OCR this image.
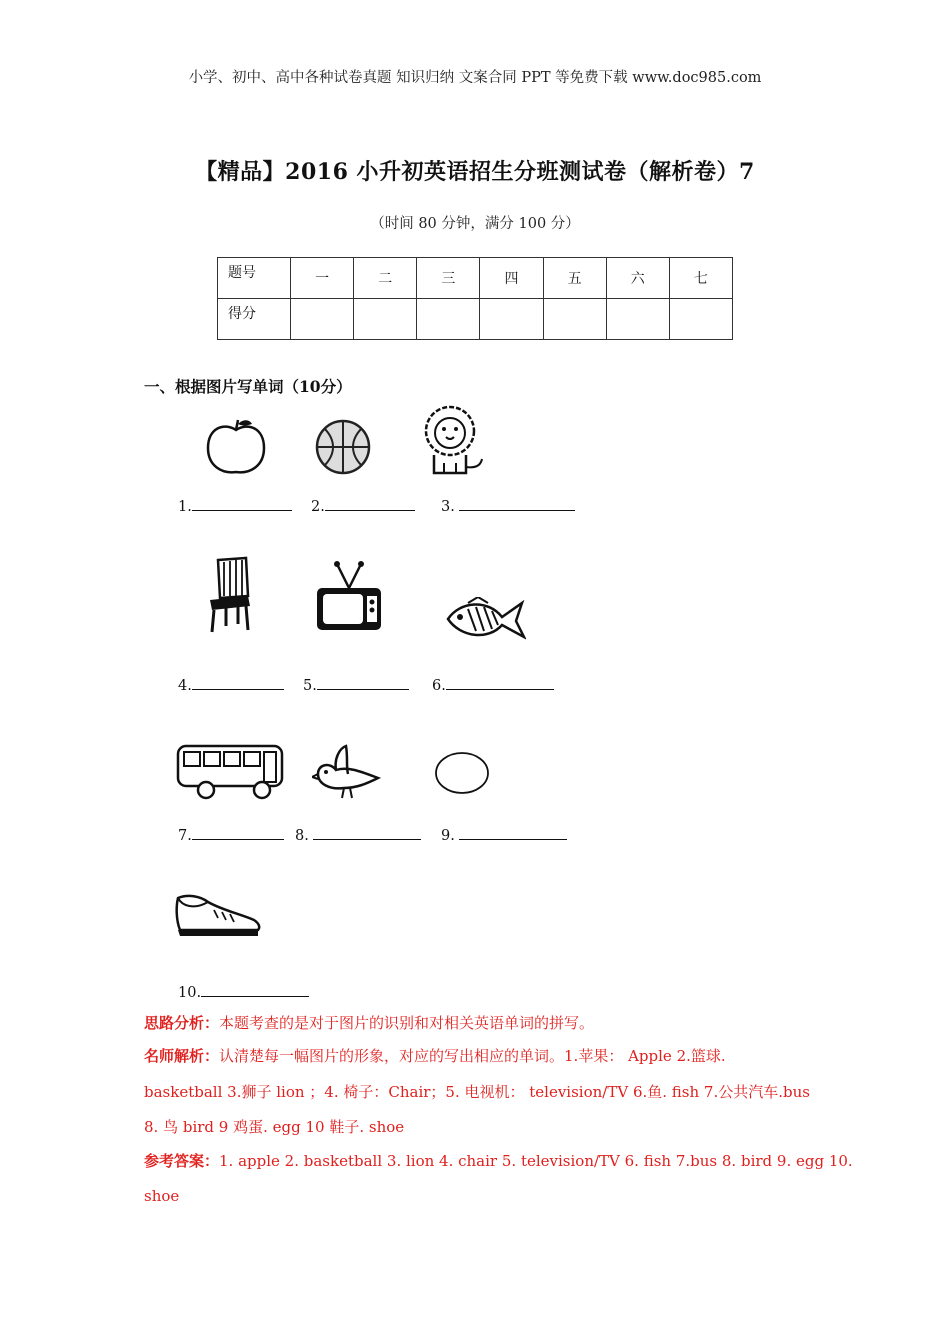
小学、初中、高中各种试卷真题 知识归纳 文案合同 PPT 等免费下载 www.doc985.com
【精品】2016 小升初英语招生分班测试卷（解析卷）7
（时间 80 分钟，满分 100 分）
题号	一	二	三	四	五	六	七
得分							
一、根据图片写单词（10分）
1.	2.	3.
4.	5.	6.
7.	8.	9.
10.
思路分析：本题考查的是对于图片的识别和对相关英语单词的拼写。
名师解析：认清楚每一幅图片的形象，对应的写出相应的单词。1.苹果： Apple 2.篮球.
basketball 3.狮子 lion ；4. 椅子：Chair；5. 电视机： television/TV 6.鱼. fish 7.公共汽车.bus
8. 鸟 bird 9 鸡蛋. egg 10 鞋子. shoe
参考答案：1. apple 2. basketball 3. lion 4. chair 5. television/TV 6. fish 7.bus 8. bird 9. egg 10.
shoe
